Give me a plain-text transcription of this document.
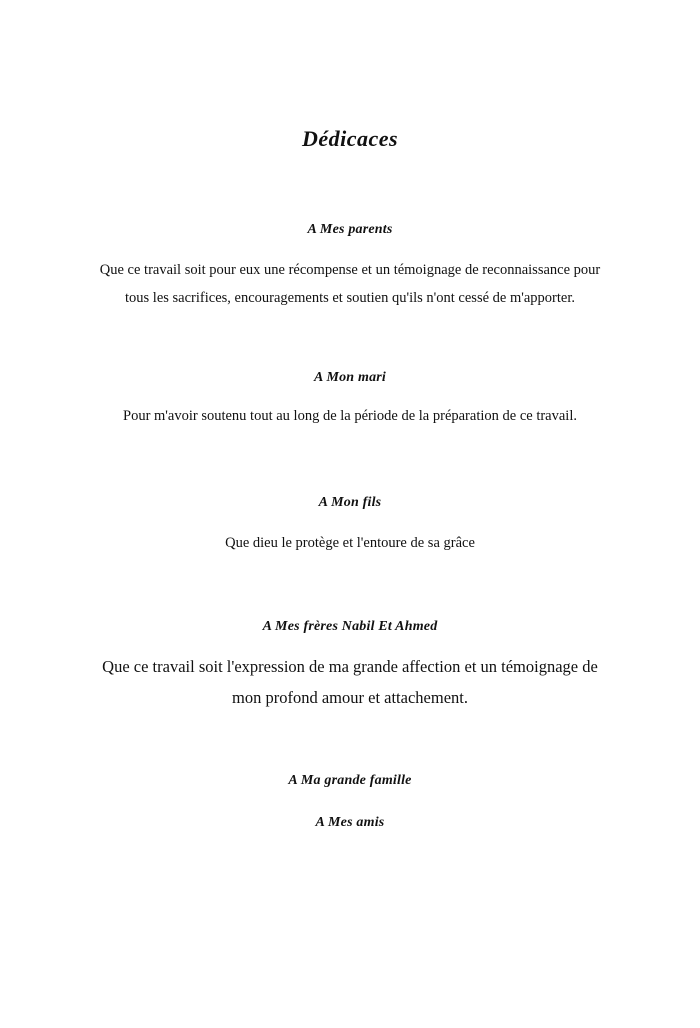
Dédicaces
A Mes parents
Que ce travail soit pour eux une récompense et un témoignage de reconnaissance pour
tous les sacrifices, encouragements et soutien qu'ils n'ont cessé de m'apporter.
A Mon mari
Pour m'avoir soutenu tout au long de la période de la préparation de ce travail.
A Mon fils
Que dieu le protège et l'entoure de sa grâce
A Mes frères Nabil Et Ahmed
Que ce travail soit l'expression de ma grande affection et un témoignage de
mon profond amour et attachement.
A Ma grande famille
A Mes amis
